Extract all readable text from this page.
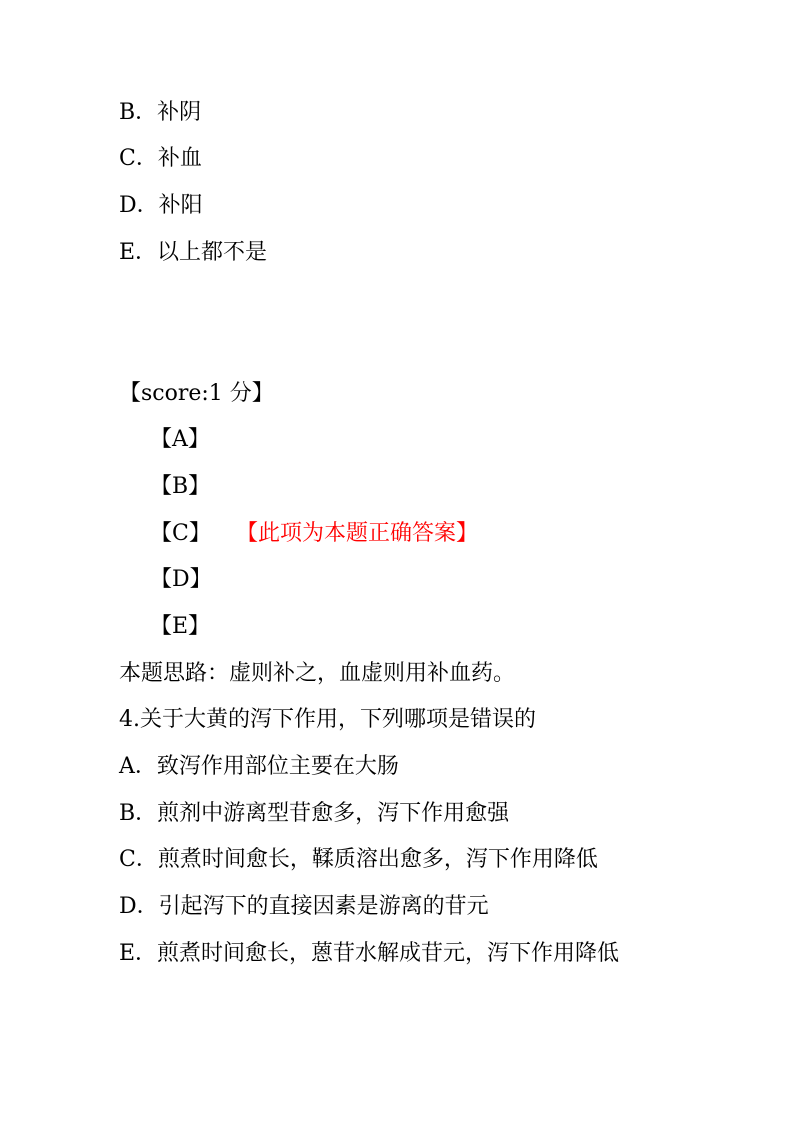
B．补阴
C．补血
D．补阳
E．以上都不是
【score:1 分】
【A】
【B】
【C】 【此项为本题正确答案】
【D】
【E】
本题思路：虚则补之，血虚则用补血药。
4.关于大黄的泻下作用，下列哪项是错误的
A．致泻作用部位主要在大肠
B．煎剂中游离型苷愈多，泻下作用愈强
C．煎煮时间愈长，鞣质溶出愈多，泻下作用降低
D．引起泻下的直接因素是游离的苷元
E．煎煮时间愈长，蒽苷水解成苷元，泻下作用降低
